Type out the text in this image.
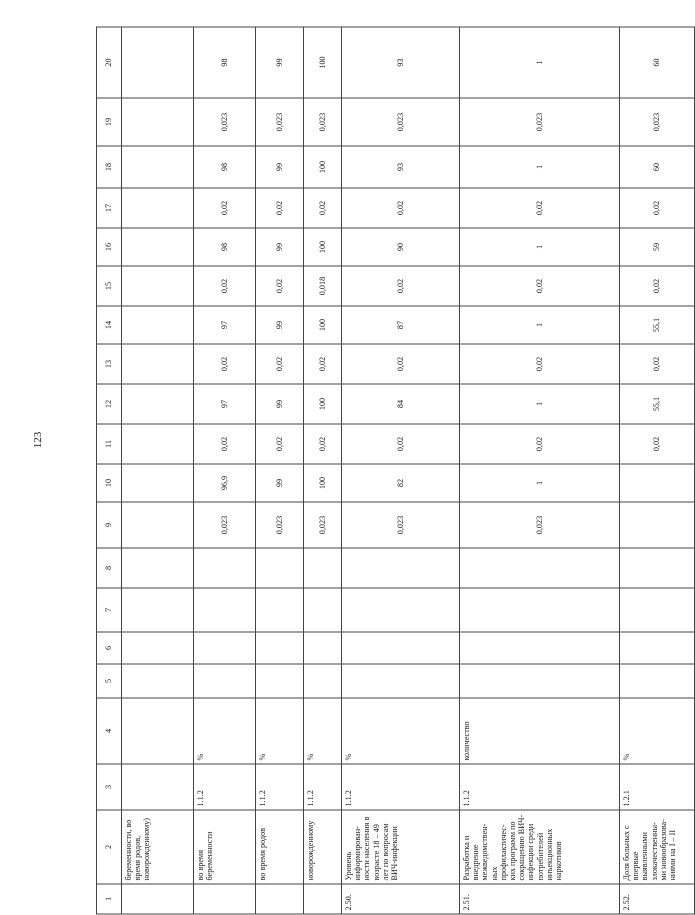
123
1	2	3	4	5	6	7	8	9	10	11	12	13	14	15	16	17	18	19	20
	беременности, во время родов, новорожденному)																		
	во время беременности	1.1.2	%					0,023	96,9	0,02	97	0,02	97	0,02	98	0,02	98	0,023	98
	во время родов	1.1.2	%					0,023	99	0,02	99	0,02	99	0,02	99	0,02	99	0,023	99
	новорожденному	1.1.2	%					0,023	100	0,02	100	0,02	100	0,018	100	0,02	100	0,023	100
2.50.	Уровень информирован-ности населения в возрасте 18 – 49 лет по вопросам ВИЧ-инфекции	1.1.2	%					0,023	82	0,02	84	0,02	87	0,02	90	0,02	93	0,023	93
2.51.	Разработка и внедрение межведомствен-ных профилактичес-ких программ по сокращению ВИЧ-инфекции среди потребителей инъекционных наркотиков	1.1.2	количество					0,023	1	0,02	1	0,02	1	0,02	1	0,02	1	0,023	1
2.52.	Доля больных с впервые выявленными злокачественны-ми новообразова-ниями на I – II	1.2.1	%							0,02	55,1	0,02	55,1	0,02	59	0,02	60	0,023	60
